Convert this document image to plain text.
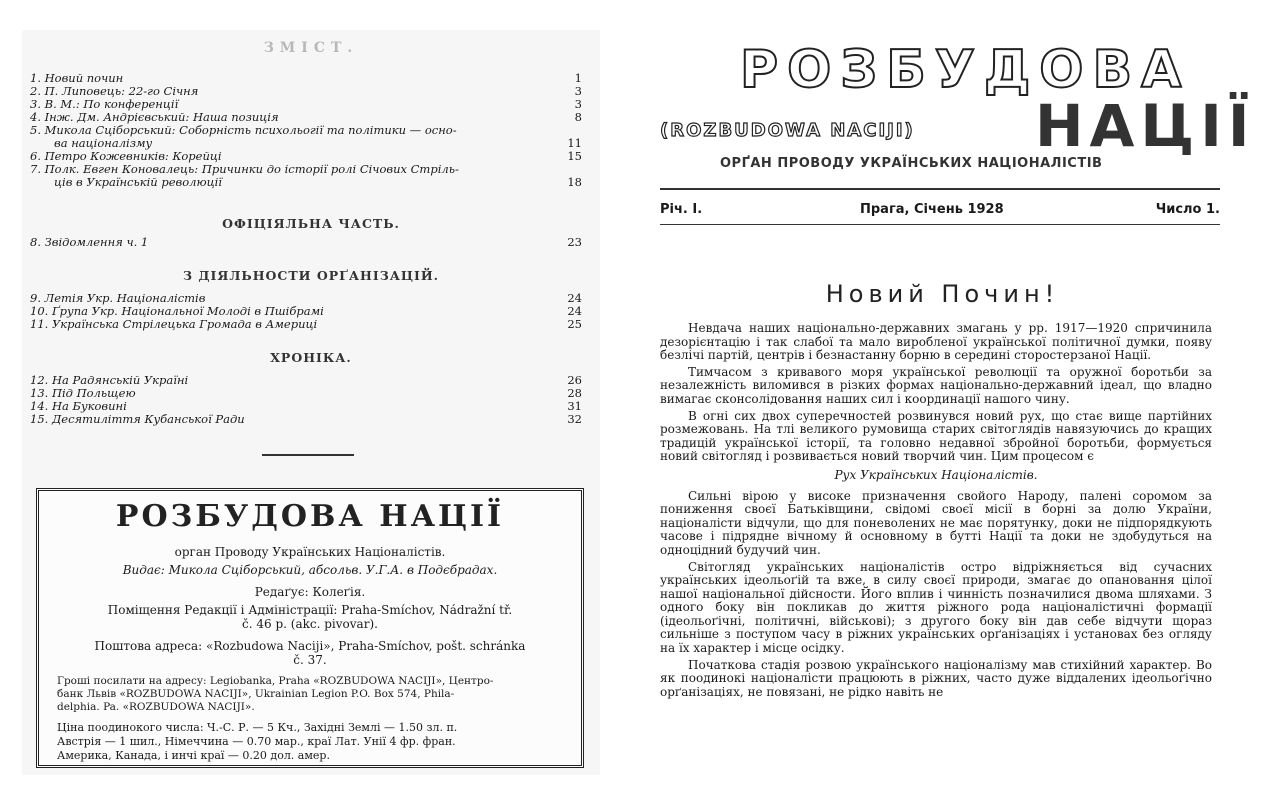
ЗМІСТ.
1. Новий почин	1
2. П. Липовець: 22-го Січня	3
3. В. М.: По конференції	3
4. Інж. Дм. Андрієвський: Наша позиція	8
5. Микола Сціборський: Соборність психольогії та політики — осно-
ва націоналізму	11
6. Петро Кожевників: Корейці	15
7. Полк. Евген Коновалець: Причинки до історії ролі Січових Стріль-
ців в Українській революції	18
ОФІЦІЯЛЬНА ЧАСТЬ.
8. Звідомлення ч. 1	23
З ДІЯЛЬНОСТИ ОРҐАНІЗАЦІЙ.
9. Летія Укр. Націоналістів	24
10. Ґрупа Укр. Національної Молоді в Пшібрамі	24
11. Українська Стрілецька Громада в Америці	25
ХРОНІКА.
12. На Радянській Україні	26
13. Під Польщею	28
14. На Буковині	31
15. Десятиліття Кубанської Ради	32
РОЗБУДОВА НАЦІЇ
орган Проводу Українських Націоналістів.
Видає: Микола Сціборський, абсольв. У.Г.А. в Подєбрадах.
Редаґує: Колеґія.
Поміщення Редакції і Адміністрації: Praha-Smíchov, Nádražní tř.
č. 46 p. (akc. pivovar).
Поштова адреса: «Rozbudowa Naciji», Praha-Smíchov, pošt. schránka
č. 37.
Гроші посилати на адресу: Legiobanka, Praha «ROZBUDOWA NACIJI», Центро-
банк Львів «ROZBUDOWA NACIJI», Ukrainian Legion P.O. Box 574, Phila-
delphia. Pa. «ROZBUDOWA NACIJI».
Ціна поодинокого числа: Ч.-С. Р. — 5 Кч., Західні Землі — 1.50 зл. п.
Австрія — 1 шил., Німеччина — 0.70 мар., краї Лат. Унії 4 фр. фран.
Америка, Канада, і инчі краї — 0.20 дол. амер.
РОЗБУДОВА
(ROZBUDOWA NACIJI) НАЦІЇ
ОРҐАН ПРОВОДУ УКРАЇНСЬКИХ НАЦІОНАЛІСТІВ
Річ. І.	Прага, Січень 1928	Число 1.
Новий Почин!

Невдача наших національно-державних змагань у рр. 1917—1920 спричинила дезорієнтацію і так слабої та мало виробленої української політичної думки, появу безлічі партій, центрів і безнастанну борню в середині сторостерзаної Нації.

Тимчасом з кривавого моря української революції та оружної боротьби за незалежність виломився в різких формах національно-державний ідеал, що владно вимагає сконсолідовання наших сил і координації нашого чину.

В огні сих двох суперечностей розвинувся новий рух, що стає вище партійних розмежовань. На тлі великого румовища старих світоглядів навязуючись до кращих традицій української історії, та головно недавної збройної боротьби, формується новий світогляд і розвивається новий творчий чин. Цим процесом є

Рух Українських Націоналістів.

Сильні вірою у високе призначення свойого Народу, палені соромом за пониження своєї Батьківщини, свідомі своєї місії в борні за долю України, націоналісти відчули, що для поневолених не має порятунку, доки не підпорядкують часове і підрядне вічному й основному в бутті Нації та доки не здобудуться на одноцідний будучий чин.

Світогляд українських націоналістів остро відріжняється від сучасних українських ідеольоґій та вже, в силу своєї природи, змагає до опановання цілої нашої національної дійсности. Його вплив і чинність позначилися двома шляхами. З одного боку він покликав до життя ріжного рода націоналістичні формації (ідеольоґічні, політичні, військові); з другого боку він дав себе відчути щораз сильніше з поступом часу в ріжних українських орґанізаціях і установах без огляду на їх характер і місце осідку.

Початкова стадія розвою українського націоналізму мав стихійний характер. Во як поодинокі націоналісти працюють в ріжних, часто дуже віддалених ідеольоґічно орґанізаціях, не повязані, не рідко навіть не
